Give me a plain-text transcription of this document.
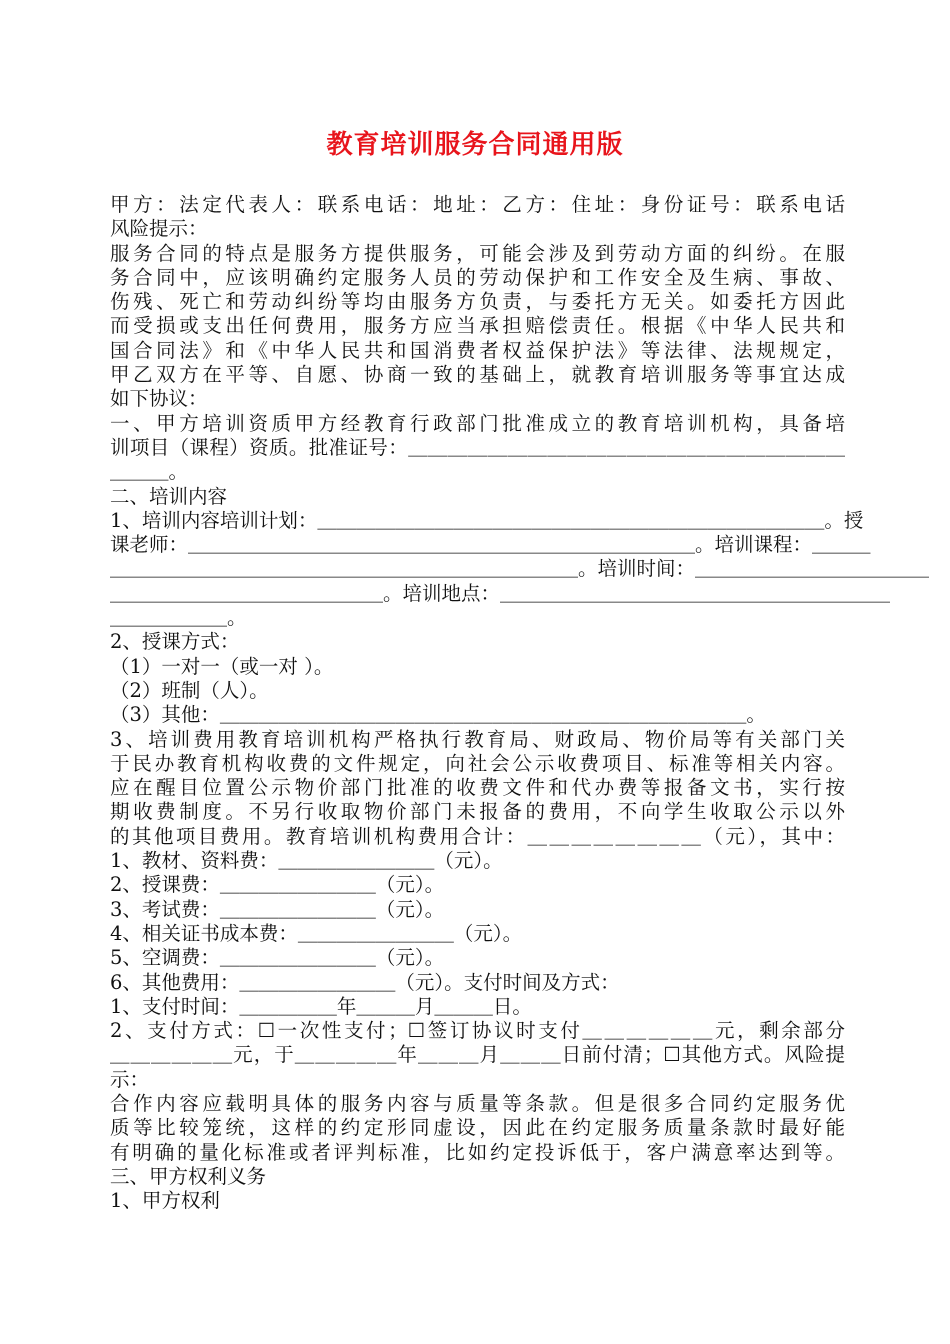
教育培训服务合同通用版
甲方：法定代表人：联系电话：地址：乙方：住址：身份证号：联系电话
风险提示：
服务合同的特点是服务方提供服务，可能会涉及到劳动方面的纠纷。在服
务合同中，应该明确约定服务人员的劳动保护和工作安全及生病、事故、
伤残、死亡和劳动纠纷等均由服务方负责，与委托方无关。如委托方因此
而受损或支出任何费用，服务方应当承担赔偿责任。根据《中华人民共和
国合同法》和《中华人民共和国消费者权益保护法》等法律、法规规定，
甲乙双方在平等、自愿、协商一致的基础上，就教育培训服务等事宜达成
如下协议：
一、甲方培训资质甲方经教育行政部门批准成立的教育培训机构，具备培
训项目（课程）资质。批准证号：＿＿＿＿＿＿＿＿＿＿＿＿＿＿＿＿＿＿＿＿＿＿
＿＿＿。
二、培训内容
1、培训内容培训计划：＿＿＿＿＿＿＿＿＿＿＿＿＿＿＿＿＿＿＿＿＿＿＿＿＿＿。授
课老师：＿＿＿＿＿＿＿＿＿＿＿＿＿＿＿＿＿＿＿＿＿＿＿＿＿＿。培训课程：＿＿＿
＿＿＿＿＿＿＿＿＿＿＿＿＿＿＿＿＿＿＿＿＿＿＿＿。培训时间：＿＿＿＿＿＿＿＿＿＿＿＿
＿＿＿＿＿＿＿＿＿＿＿＿＿＿。培训地点：＿＿＿＿＿＿＿＿＿＿＿＿＿＿＿＿＿＿＿＿
＿＿＿＿＿＿。
2、授课方式：
（1）一对一（或一对 ）。
（2）班制（人）。
（3）其他：＿＿＿＿＿＿＿＿＿＿＿＿＿＿＿＿＿＿＿＿＿＿＿＿＿＿＿。
3、培训费用教育培训机构严格执行教育局、财政局、物价局等有关部门关
于民办教育机构收费的文件规定，向社会公示收费项目、标准等相关内容。
应在醒目位置公示物价部门批准的收费文件和代办费等报备文书，实行按
期收费制度。不另行收取物价部门未报备的费用，不向学生收取公示以外
的其他项目费用。教育培训机构费用合计：＿＿＿＿＿＿＿＿（元），其中：
1、教材、资料费：＿＿＿＿＿＿＿＿（元）。
2、授课费：＿＿＿＿＿＿＿＿（元）。
3、考试费：＿＿＿＿＿＿＿＿（元）。
4、相关证书成本费：＿＿＿＿＿＿＿＿（元）。
5、空调费：＿＿＿＿＿＿＿＿（元）。
6、其他费用：＿＿＿＿＿＿＿＿（元）。支付时间及方式：
1、支付时间：＿＿＿＿＿年＿＿＿月＿＿＿日。
2、支付方式：☐一次性支付；☐签订协议时支付＿＿＿＿＿＿元，剩余部分
＿＿＿＿＿＿元，于＿＿＿＿＿年＿＿＿月＿＿＿日前付清；☐其他方式。风险提
示：
合作内容应载明具体的服务内容与质量等条款。但是很多合同约定服务优
质等比较笼统，这样的约定形同虚设，因此在约定服务质量条款时最好能
有明确的量化标准或者评判标准，比如约定投诉低于，客户满意率达到等。
三、甲方权利义务
1、甲方权利
